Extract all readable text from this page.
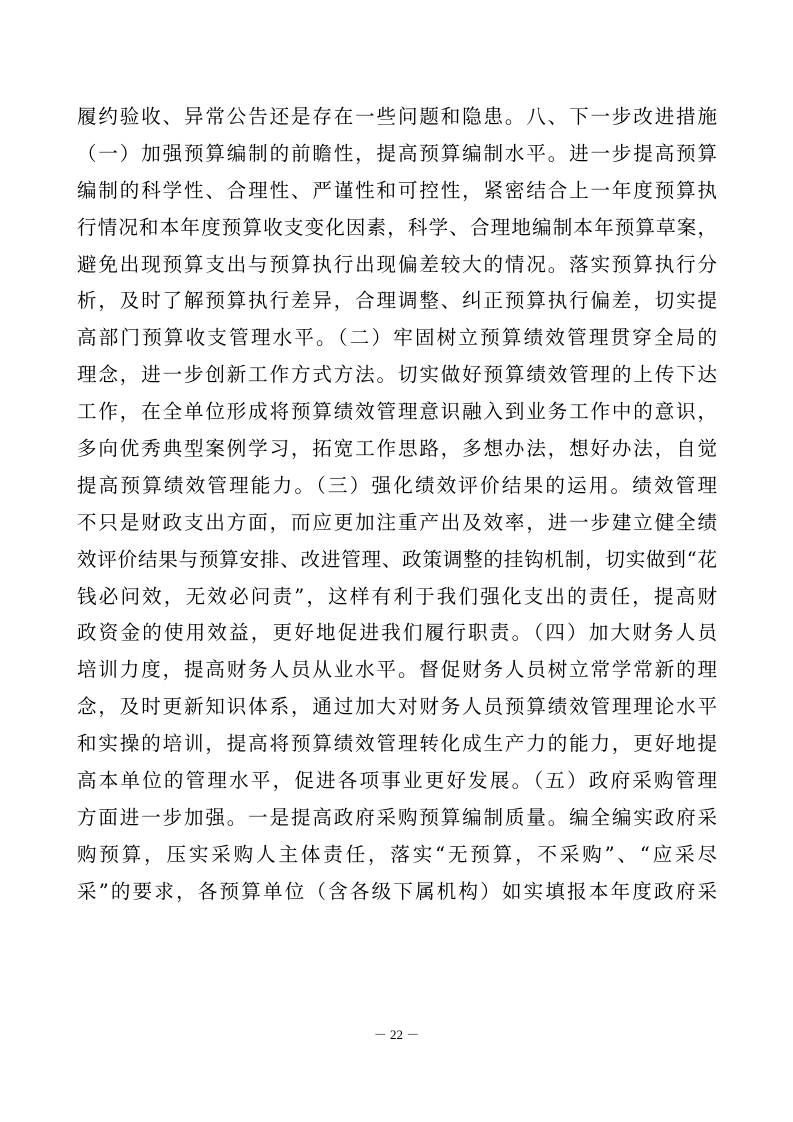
履约验收、异常公告还是存在一些问题和隐患。八、下一步改进措施
（一）加强预算编制的前瞻性，提高预算编制水平。进一步提高预算
编制的科学性、合理性、严谨性和可控性，紧密结合上一年度预算执
行情况和本年度预算收支变化因素，科学、合理地编制本年预算草案，
避免出现预算支出与预算执行出现偏差较大的情况。落实预算执行分
析，及时了解预算执行差异，合理调整、纠正预算执行偏差，切实提
高部门预算收支管理水平。（二）牢固树立预算绩效管理贯穿全局的
理念，进一步创新工作方式方法。切实做好预算绩效管理的上传下达
工作，在全单位形成将预算绩效管理意识融入到业务工作中的意识，
多向优秀典型案例学习，拓宽工作思路，多想办法，想好办法，自觉
提高预算绩效管理能力。（三）强化绩效评价结果的运用。绩效管理
不只是财政支出方面，而应更加注重产出及效率，进一步建立健全绩
效评价结果与预算安排、改进管理、政策调整的挂钩机制，切实做到“花
钱必问效，无效必问责”，这样有利于我们强化支出的责任，提高财
政资金的使用效益，更好地促进我们履行职责。（四）加大财务人员
培训力度，提高财务人员从业水平。督促财务人员树立常学常新的理
念，及时更新知识体系，通过加大对财务人员预算绩效管理理论水平
和实操的培训，提高将预算绩效管理转化成生产力的能力，更好地提
高本单位的管理水平，促进各项事业更好发展。（五）政府采购管理
方面进一步加强。一是提高政府采购预算编制质量。编全编实政府采
购预算，压实采购人主体责任，落实“无预算，不采购”、“应采尽
采”的要求，各预算单位（含各级下属机构）如实填报本年度政府采
－ 22 －
